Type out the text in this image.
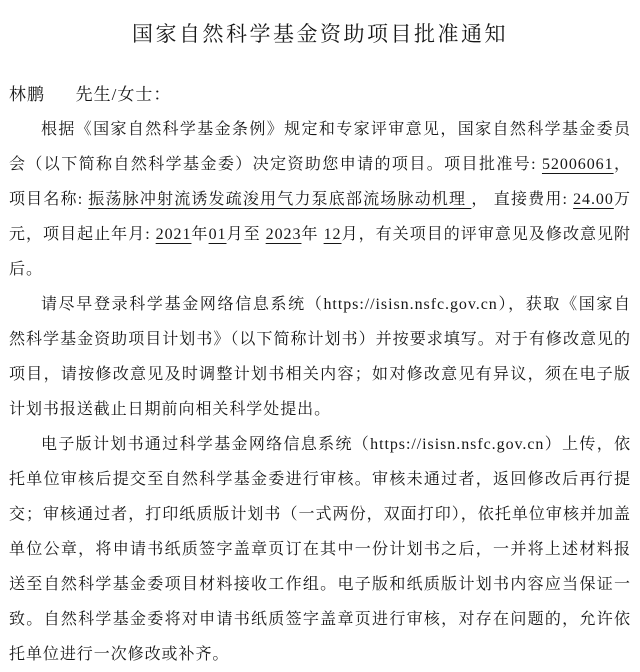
国家自然科学基金资助项目批准通知
林鹏 先生/女士：

根据《国家自然科学基金条例》规定和专家评审意见，国家自然科学基金委员会（以下简称自然科学基金委）决定资助您申请的项目。项目批准号: 52006061，项目名称: 振荡脉冲射流诱发疏浚用气力泵底部流场脉动机理 ， 直接费用: 24.00万元，项目起止年月: 2021年01月至 2023年 12月，有关项目的评审意见及修改意见附后。

请尽早登录科学基金网络信息系统（https://isisn.nsfc.gov.cn），获取《国家自然科学基金资助项目计划书》（以下简称计划书）并按要求填写。对于有修改意见的项目，请按修改意见及时调整计划书相关内容；如对修改意见有异议，须在电子版计划书报送截止日期前向相关科学处提出。

电子版计划书通过科学基金网络信息系统（https://isisn.nsfc.gov.cn）上传，依托单位审核后提交至自然科学基金委进行审核。审核未通过者，返回修改后再行提交；审核通过者，打印纸质版计划书（一式两份，双面打印），依托单位审核并加盖单位公章，将申请书纸质签字盖章页订在其中一份计划书之后，一并将上述材料报送至自然科学基金委项目材料接收工作组。电子版和纸质版计划书内容应当保证一致。自然科学基金委将对申请书纸质签字盖章页进行审核，对存在问题的，允许依托单位进行一次修改或补齐。
